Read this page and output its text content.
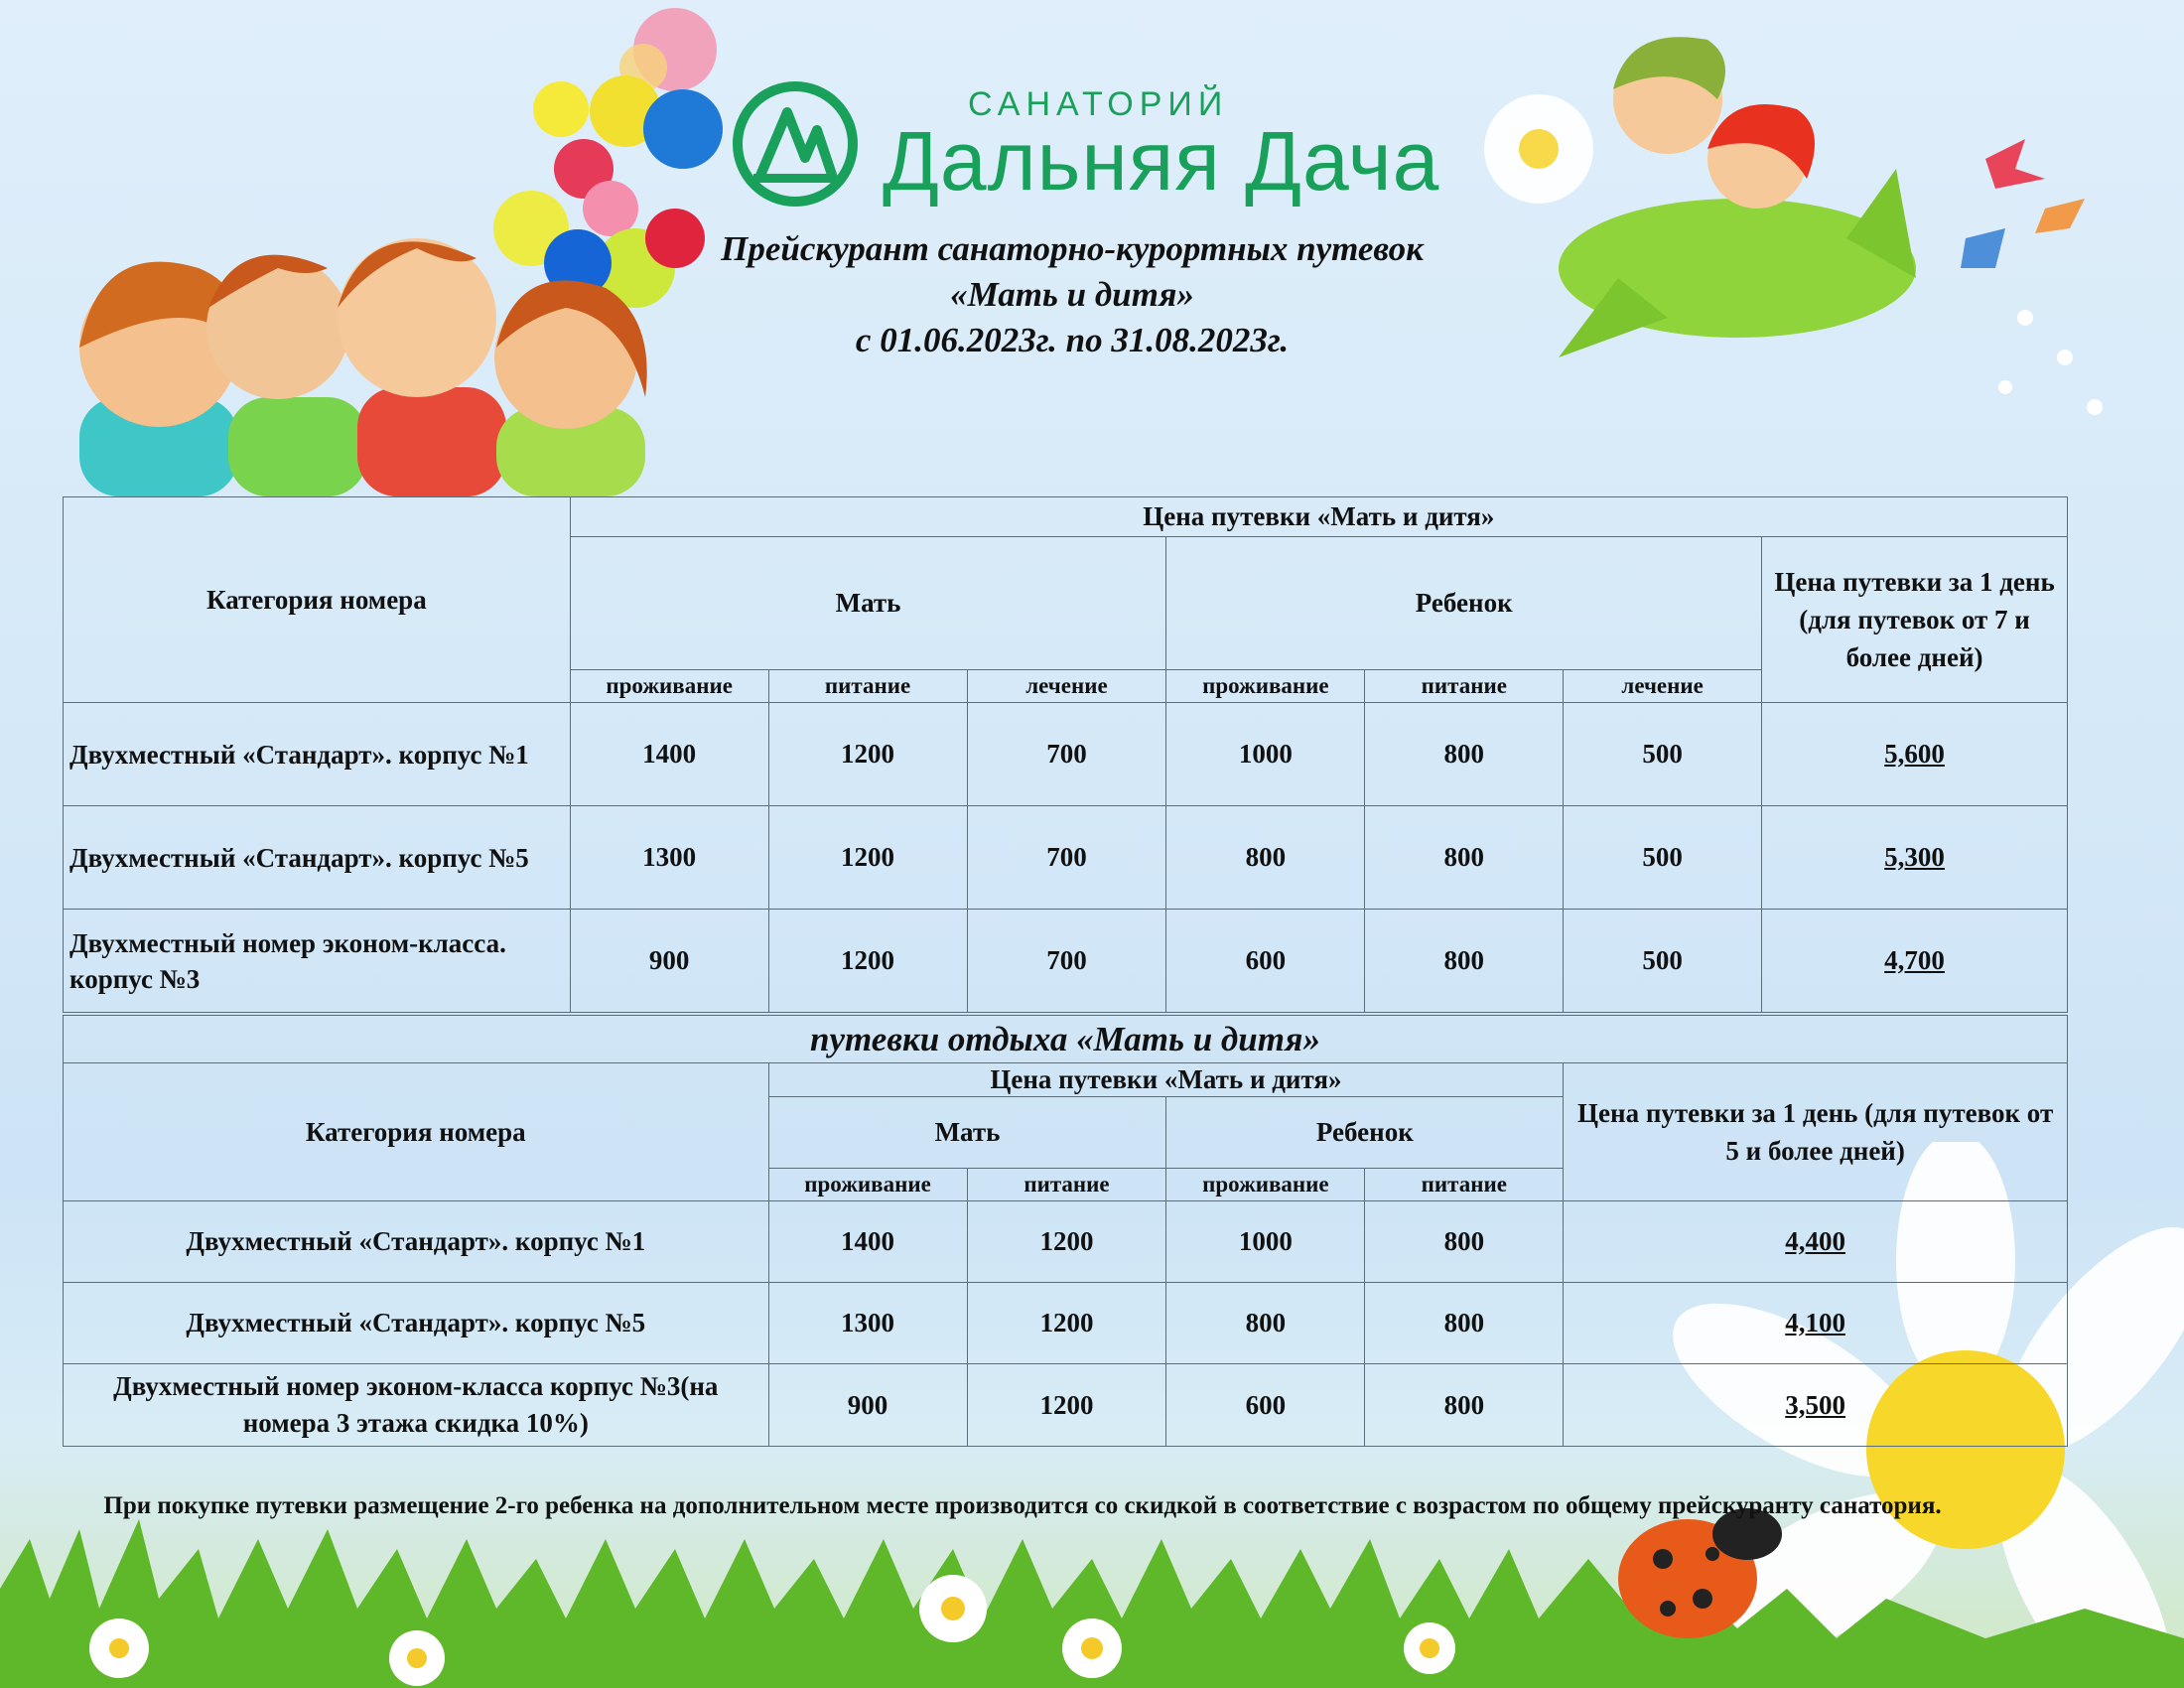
САНАТОРИЙ
Дальняя Дача
Прейскурант санаторно-курортных путевок
«Мать и дитя»
с 01.06.2023г. по 31.08.2023г.
Категория номера	Цена путевки «Мать и дитя»						
	Мать			Ребенок			Цена путевки за 1 день (для путевок от 7 и более дней)
	проживание	питание	лечение	проживание	питание	лечение	
Двухместный «Стандарт». корпус №1	1400	1200	700	1000	800	500	5,600
Двухместный «Стандарт». корпус №5	1300	1200	700	800	800	500	5,300
Двухместный номер эконом-класса. корпус №3	900	1200	700	600	800	500	4,700
путевки отдыха «Мать и дитя»					
Категория номера	Цена путевки «Мать и дитя»				Цена путевки за 1 день (для путевок от 5 и более дней)
	Мать		Ребенок		
	проживание	питание	проживание	питание	
Двухместный «Стандарт». корпус №1	1400	1200	1000	800	4,400
Двухместный «Стандарт». корпус №5	1300	1200	800	800	4,100
Двухместный номер эконом-класса корпус №3(на номера 3 этажа скидка 10%)	900	1200	600	800	3,500
При покупке путевки размещение 2-го ребенка на дополнительном месте производится со скидкой в соответствие с возрастом по общему прейскуранту санатория.
